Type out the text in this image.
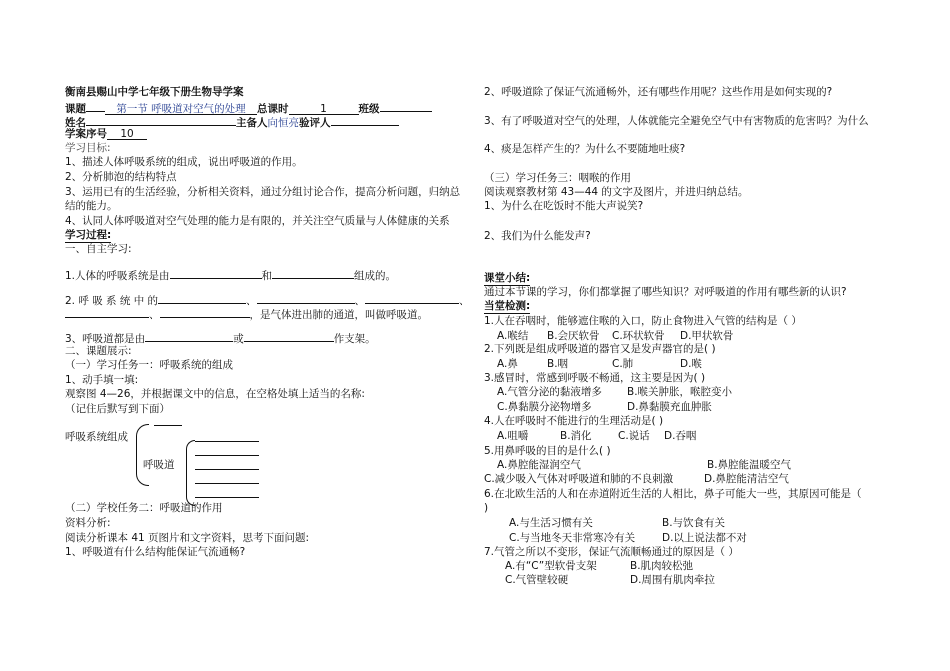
衡南县赐山中学七年级下册生物导学案
课题	第一节 呼吸道对空气的处理 总课时	1	班级
姓名	主备人向恒亮验评人
学案序号 10
学习目标:
1、描述人体呼吸系统的组成，说出呼吸道的作用。
2、分析肺泡的结构特点
3、运用已有的生活经验，分析相关资料，通过分组讨论合作，提高分析问题，归纳总
结的能力。
4、认同人体呼吸道对空气处理的能力是有限的，并关注空气质量与人体健康的关系
学习过程:
一、自主学习:
1.人体的呼吸系统是由	和	组成的。
2. 呼 吸 系 统 中 的	、	、	、
、	，是气体进出肺的通道，叫做呼吸道。
3、呼吸道都是由	或	作支架。
二、课题展示:
（一）学习任务一：呼吸系统的组成
1、动手填一填:
观察图 4—26，并根据课文中的信息，在空格处填上适当的名称:
（记住后默写到下面）
呼吸系统组成
呼吸道
（二）学校任务二：呼吸道的作用
资料分析:
阅读分析课本 41 页图片和文字资料，思考下面问题:
1、呼吸道有什么结构能保证气流通畅?
2、呼吸道除了保证气流通畅外，还有哪些作用呢？这些作用是如何实现的?
3、有了呼吸道对空气的处理，人体就能完全避免空气中有害物质的危害吗？为什么
4、痰是怎样产生的？为什么不要随地吐痰?
（三）学习任务三：咽喉的作用
阅读观察教材第 43—44 的文字及图片，并进归纳总结。
1、为什么在吃饭时不能大声说笑?
2、我们为什么能发声?
课堂小结:
通过本节课的学习，你们都掌握了哪些知识？对呼吸道的作用有哪些新的认识?
当堂检测:
1.人在吞咽时，能够遮住喉的入口，防止食物进入气管的结构是（ ）
A.喉结 B.会厌软骨 C.环状软骨 D.甲状软骨
2.下列既是组成呼吸道的器官又是发声器官的是( )
A.鼻	B.咽	C.肺	D.喉
3.感冒时，常感到呼吸不畅通，这主要是因为( )
A.气管分泌的黏液增多 B.喉关肿胀，喉腔变小
C.鼻黏膜分泌物增多	D.鼻黏膜充血肿胀
4.人在呼吸时不能进行的生理活动是( )
A.咀嚼	B.消化	C.说话 D.吞咽
5.用鼻呼吸的目的是什么( )
A.鼻腔能湿润空气	B.鼻腔能温暖空气
C.减少吸入气体对呼吸道和肺的不良刺激	D.鼻腔能清洁空气
6.在北欧生活的人和在赤道附近生活的人相比，鼻子可能大一些，其原因可能是（
)
A.与生活习惯有关	B.与饮食有关
C.与当地冬天非常寒冷有关	D.以上说法都不对
7.气管之所以不变形，保证气流顺畅通过的原因是（ ）
A.有“C”型软骨支架	B.肌肉较松弛
C.气管壁较硬	D.周围有肌肉牵拉
